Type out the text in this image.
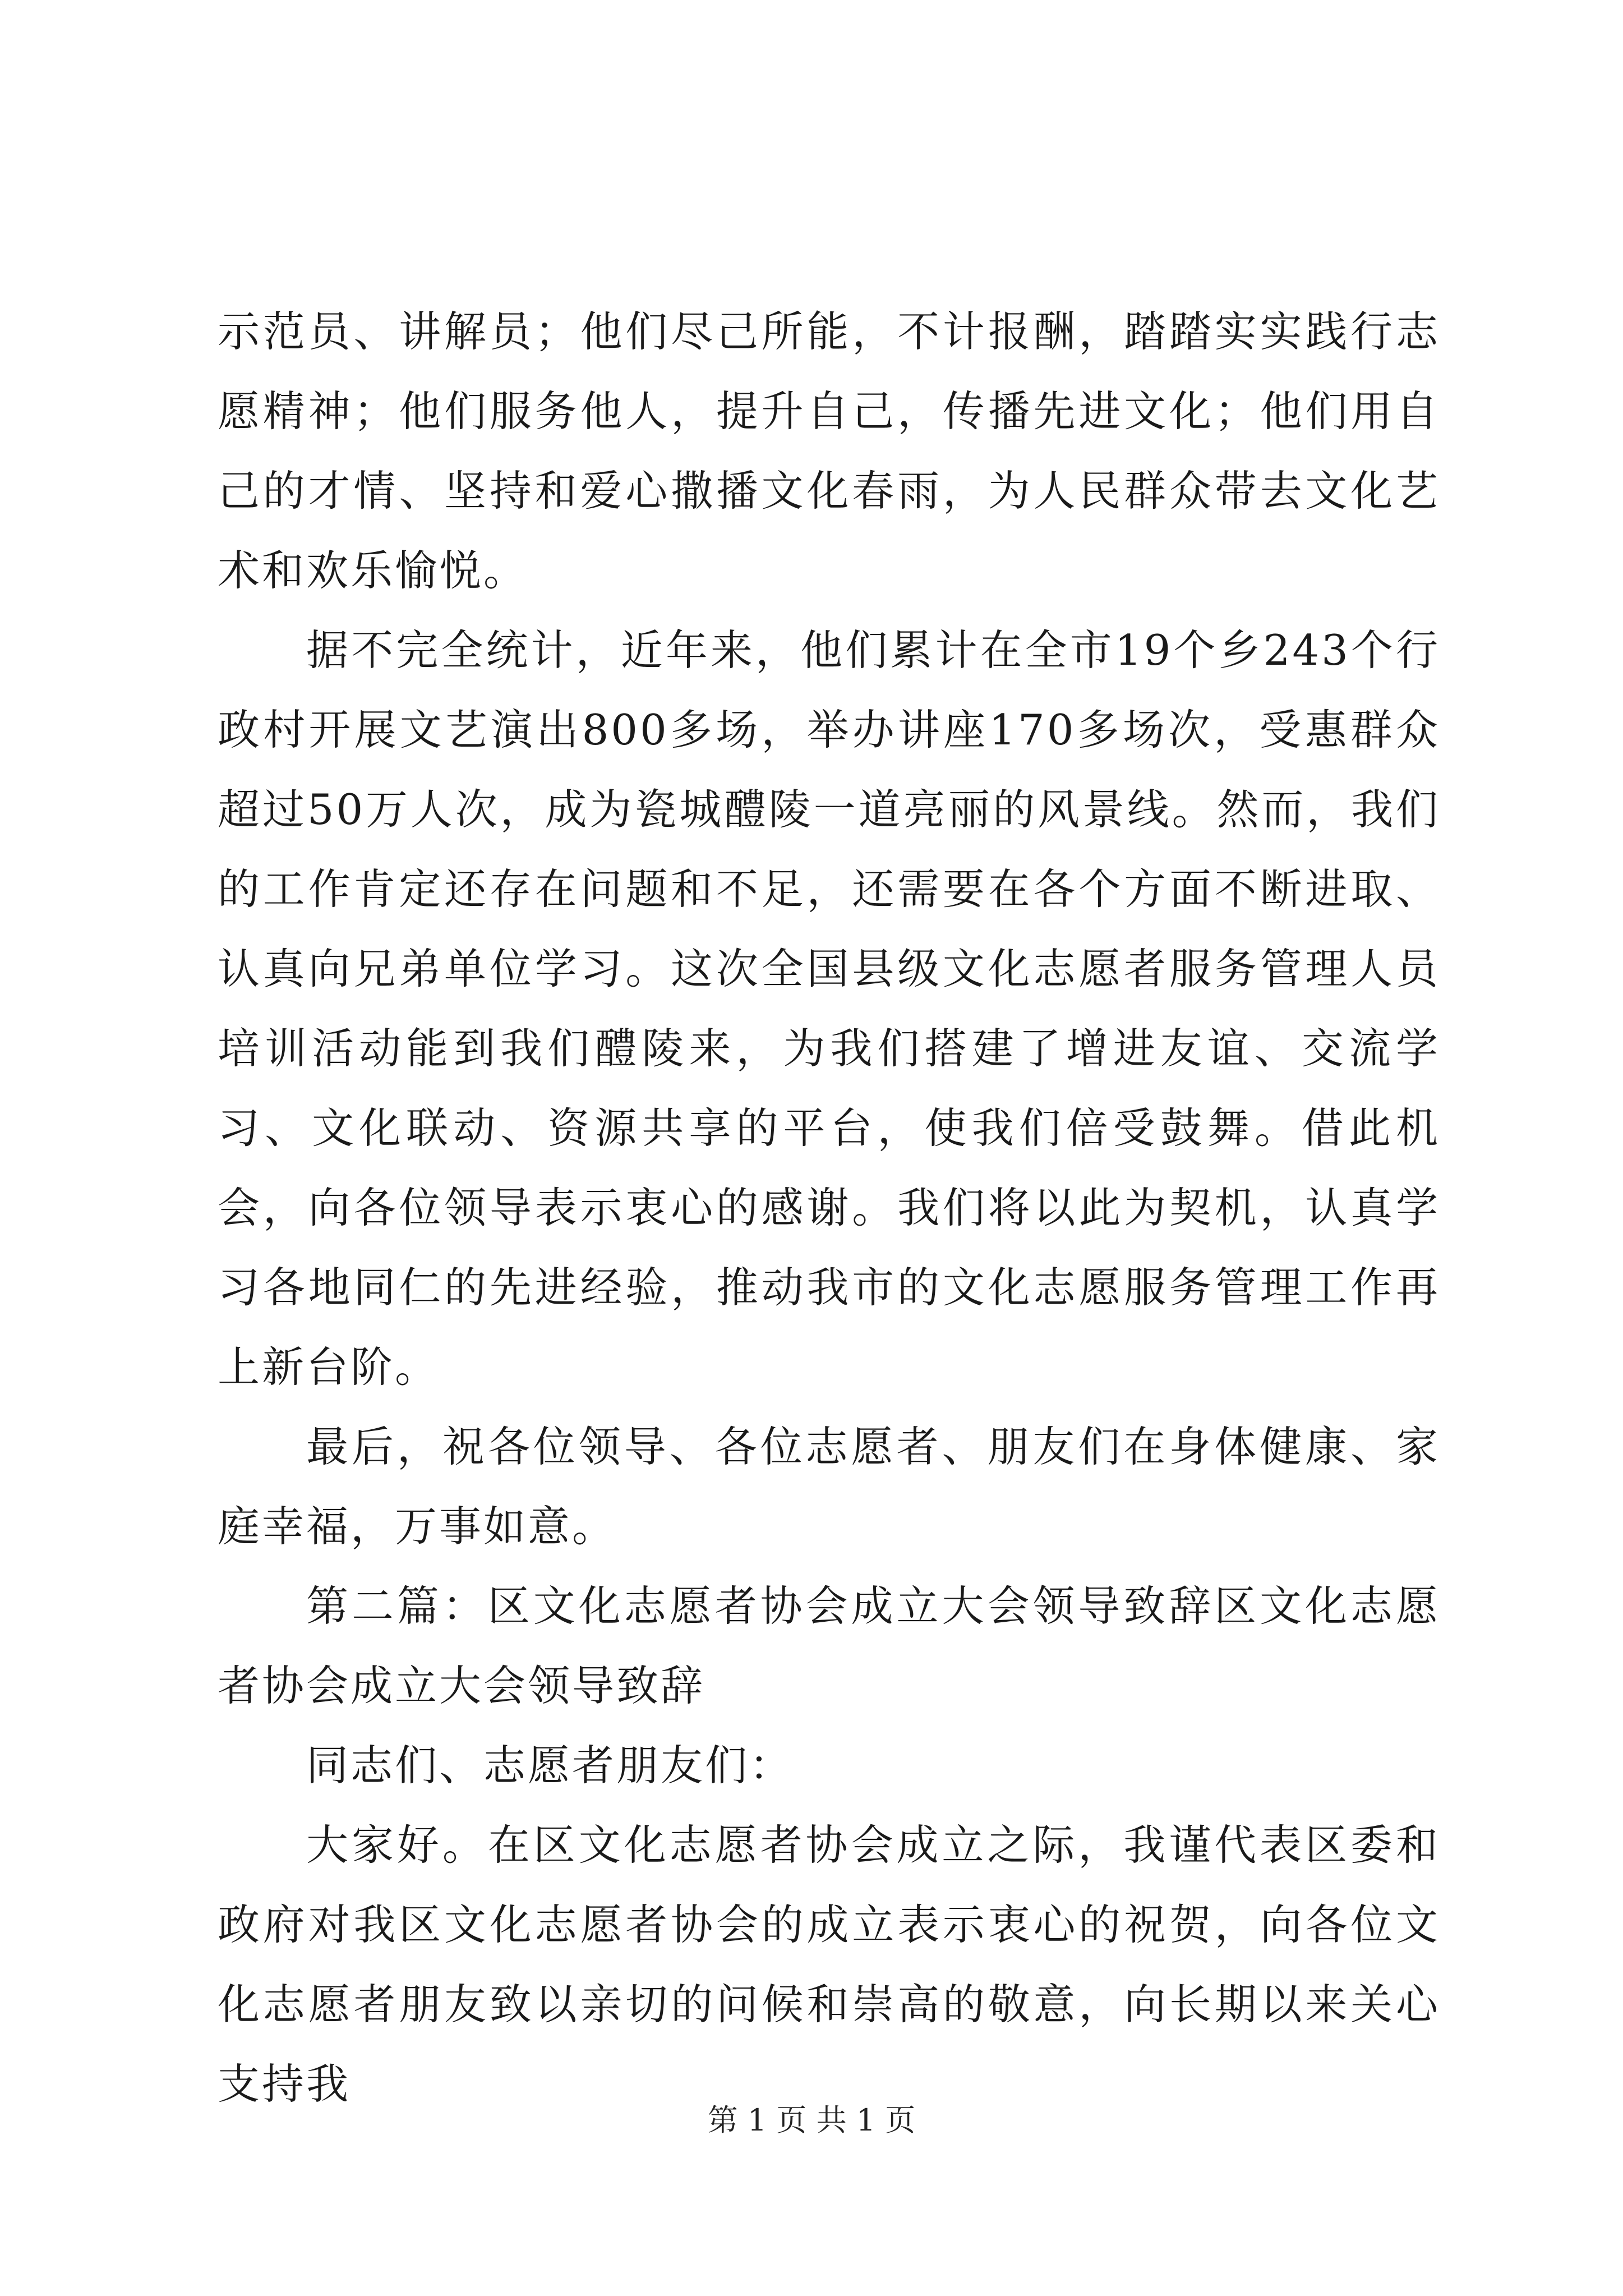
示范员、讲解员；他们尽己所能，不计报酬，踏踏实实践行志愿精神；他们服务他人，提升自己，传播先进文化；他们用自己的才情、坚持和爱心撒播文化春雨，为人民群众带去文化艺术和欢乐愉悦。

据不完全统计，近年来，他们累计在全市19个乡243个行政村开展文艺演出800多场，举办讲座170多场次，受惠群众超过50万人次，成为瓷城醴陵一道亮丽的风景线。然而，我们的工作肯定还存在问题和不足，还需要在各个方面不断进取、认真向兄弟单位学习。这次全国县级文化志愿者服务管理人员培训活动能到我们醴陵来，为我们搭建了增进友谊、交流学习、文化联动、资源共享的平台，使我们倍受鼓舞。借此机会，向各位领导表示衷心的感谢。我们将以此为契机，认真学习各地同仁的先进经验，推动我市的文化志愿服务管理工作再上新台阶。

最后，祝各位领导、各位志愿者、朋友们在身体健康、家庭幸福，万事如意。

第二篇：区文化志愿者协会成立大会领导致辞区文化志愿者协会成立大会领导致辞

同志们、志愿者朋友们：

大家好。在区文化志愿者协会成立之际，我谨代表区委和政府对我区文化志愿者协会的成立表示衷心的祝贺，向各位文化志愿者朋友致以亲切的问候和崇高的敬意，向长期以来关心支持我

第 1 页 共 1 页
